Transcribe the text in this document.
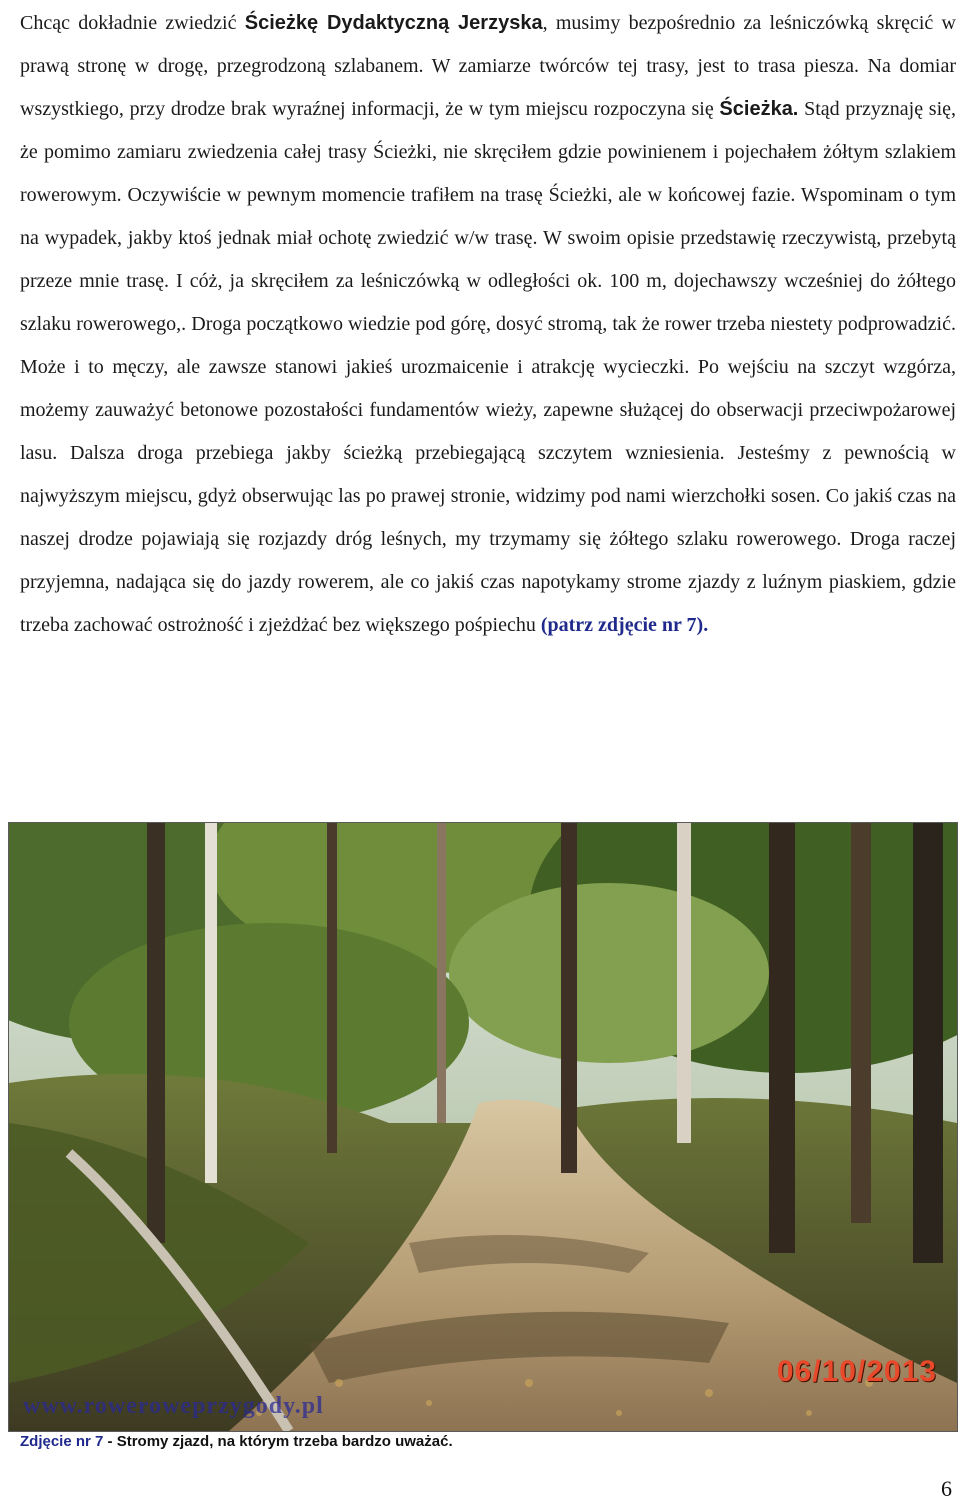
Chcąc dokładnie zwiedzić Ścieżkę Dydaktyczną Jerzyska, musimy bezpośrednio za leśniczówką skręcić w prawą stronę w drogę, przegrodzoną szlabanem. W zamiarze twórców tej trasy, jest to trasa piesza. Na domiar wszystkiego, przy drodze brak wyraźnej informacji, że w tym miejscu rozpoczyna się Ścieżka. Stąd przyznaję się, że pomimo zamiaru zwiedzenia całej trasy Ścieżki, nie skręciłem gdzie powinienem i pojechałem żółtym szlakiem rowerowym. Oczywiście w pewnym momencie trafiłem na trasę Ścieżki, ale w końcowej fazie. Wspominam o tym na wypadek, jakby ktoś jednak miał ochotę zwiedzić w/w trasę. W swoim opisie przedstawię rzeczywistą, przebytą przeze mnie trasę. I cóż, ja skręciłem za leśniczówką w odległości ok. 100 m, dojechawszy wcześniej do żółtego szlaku rowerowego,. Droga początkowo wiedzie pod górę, dosyć stromą, tak że rower trzeba niestety podprowadzić. Może i to męczy, ale zawsze stanowi jakieś urozmaicenie i atrakcję wycieczki. Po wejściu na szczyt wzgórza, możemy zauważyć betonowe pozostałości fundamentów wieży, zapewne służącej do obserwacji przeciwpożarowej lasu. Dalsza droga przebiega jakby ścieżką przebiegającą szczytem wzniesienia. Jesteśmy z pewnością w najwyższym miejscu, gdyż obserwując las po prawej stronie, widzimy pod nami wierzchołki sosen. Co jakiś czas na naszej drodze pojawiają się rozjazdy dróg leśnych, my trzymamy się żółtego szlaku rowerowego. Droga raczej przyjemna, nadająca się do jazdy rowerem, ale co jakiś czas napotykamy strome zjazdy z luźnym piaskiem, gdzie trzeba zachować ostrożność i zjeżdżać bez większego pośpiechu (patrz zdjęcie nr 7).
06/10/2013
www.roweroweprzygody.pl
Zdjęcie nr 7 - Stromy zjazd, na którym trzeba bardzo uważać.
6
